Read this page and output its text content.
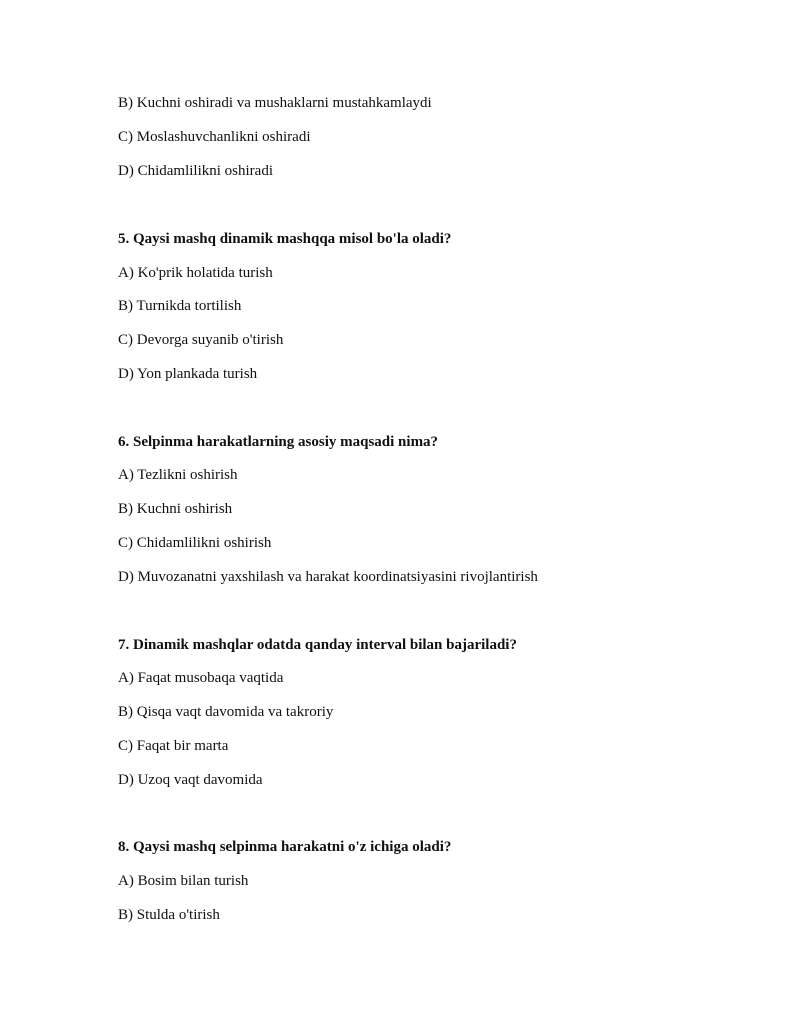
B) Kuchni oshiradi va mushaklarni mustahkamlaydi
C) Moslashuvchanlikni oshiradi
D) Chidamlilikni oshiradi
5. Qaysi mashq dinamik mashqqa misol bo'la oladi?
A) Ko'prik holatida turish
B) Turnikda tortilish
C) Devorga suyanib o'tirish
D) Yon plankada turish
6. Selpinma harakatlarning asosiy maqsadi nima?
A) Tezlikni oshirish
B) Kuchni oshirish
C) Chidamlilikni oshirish
D) Muvozanatni yaxshilash va harakat koordinatsiyasini rivojlantirish
7. Dinamik mashqlar odatda qanday interval bilan bajariladi?
A) Faqat musobaqa vaqtida
B) Qisqa vaqt davomida va takroriy
C) Faqat bir marta
D) Uzoq vaqt davomida
8. Qaysi mashq selpinma harakatni o'z ichiga oladi?
A) Bosim bilan turish
B) Stulda o'tirish
